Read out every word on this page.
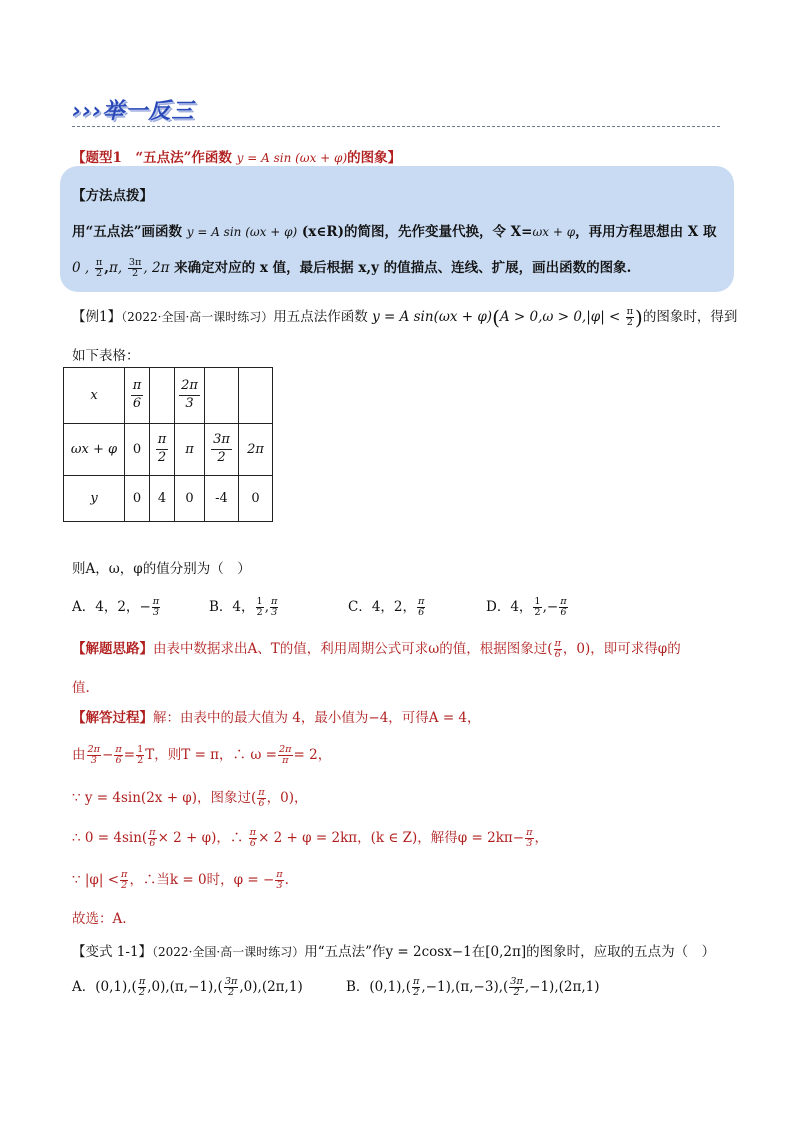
›››举一反三
【题型1　“五点法”作函数 y = A sin (ωx + φ)的图象】
【方法点拨】
用“五点法”画函数 y = A sin (ωx + φ) (x∈R)的简图，先作变量代换，令 X=ωx + φ，再用方程思想由 X 取
0 , $\frac{\pi}{2} ,\pi$, $\frac{3\pi}{2}$ , 2π 来确定对应的 x 值，最后根据 x,y 的值描点、连线、扩展，画出函数的图象.
【例1】（2022·全国·高一课时练习）用五点法作函数 y = A $\sin(\omega x + \varphi)(A > 0,\omega > 0,|\varphi| < \frac{\pi}{2}$ )的图象时，得到
如下表格：
x	$\frac{\pi}{6}$		$\frac{2\pi}{3}$

ωx + φ	0	$\frac{\pi}{2}$	π	$\frac{3\pi}{2}$	2π
y	0	4	0	-4	0
则A，ω，φ的值分别为（　）
A．4，2，− $\frac{\pi}{3}$	B．4， $\frac{1}{2}$ , $\frac{\pi}{3}$	C．4，2， $\frac{\pi}{6}$	D．4， $\frac{1}{2}$ ,− $\frac{\pi}{6}$
【解题思路】由表中数据求出A、T的值，利用周期公式可求ω的值，根据图象过( $\frac{\pi}{6}$ ，0)，即可求得φ的
值.
【解答过程】解：由表中的最大值为 4，最小值为−4，可得A = 4，
由 $\frac{2\pi}{3} - \frac{\pi}{6} = \frac{1}{2}$ T，则T = π，∴ $\omega = \frac{2\pi}{\pi} = 2$，
∵ y = 4sin(2x + φ)，图象过( $\frac{\pi}{6}$ ，0)，
∴ $0 = 4\sin( \frac{\pi}{6} \times 2 + \varphi)$，∴ $\frac{\pi}{6} \times 2 + \varphi = 2k\pi$，(k ∈ Z)，解得$\varphi = 2k\pi- \frac{\pi}{3}$ ，
∵ $|\varphi| < \frac{\pi}{2}$ ，∴当k = 0时，φ = − $\frac{\pi}{3}$ .
故选：A.
【变式 1-1】（2022·全国·高一课时练习）用“五点法”作y = 2cosx−1在[0,2π]的图象时，应取的五点为（　）
A．$(0,1),( \frac{\pi}{2} ,0),(\pi,-1),( \frac{3\pi}{2} ,0),(2\pi,1)$	B．$(0,1),( \frac{\pi}{2} ,-1),(\pi,-3),( \frac{3\pi}{2} ,-1),(2\pi,1)$
